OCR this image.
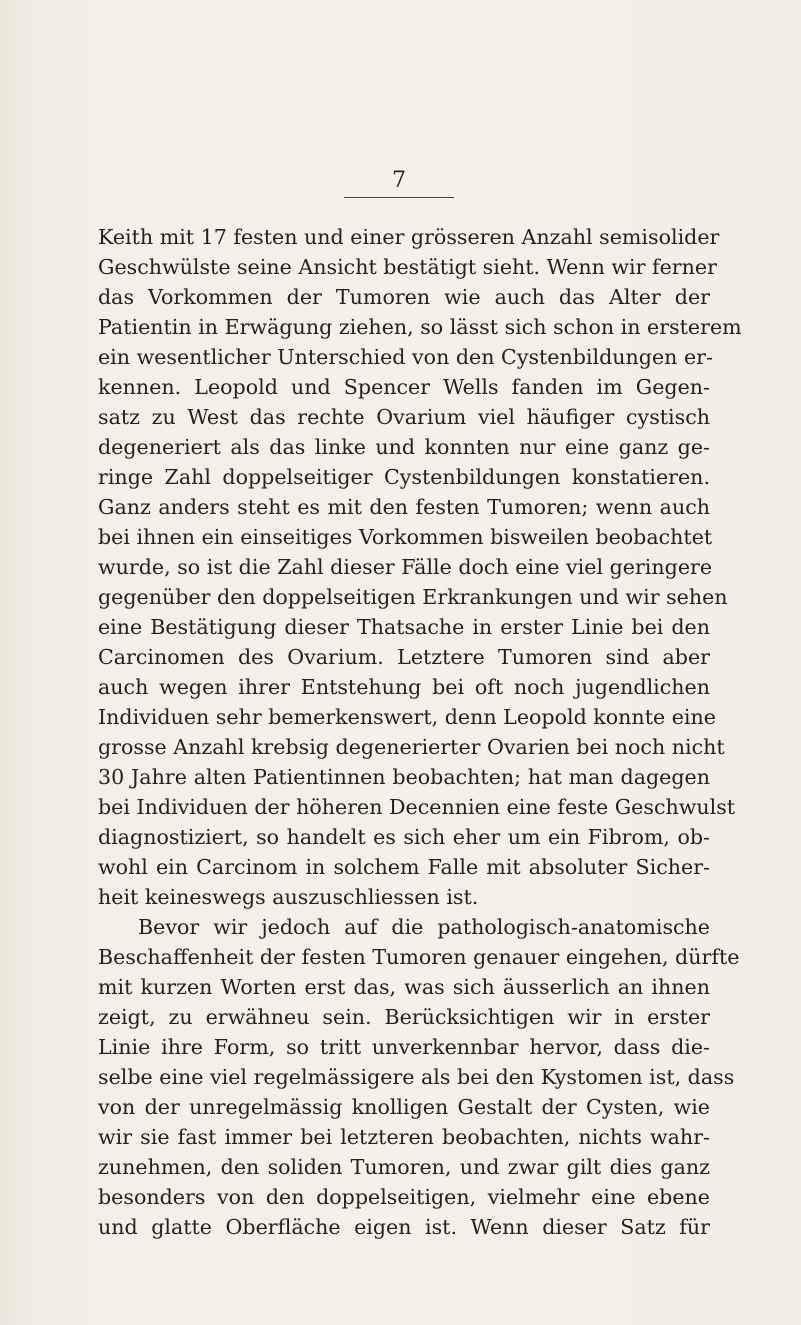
7
Keith mit 17 festen und einer grösseren Anzahl semisolider
Geschwülste seine Ansicht bestätigt sieht. Wenn wir ferner
das Vorkommen der Tumoren wie auch das Alter der
Patientin in Erwägung ziehen, so lässt sich schon in ersterem
ein wesentlicher Unterschied von den Cystenbildungen er-
kennen. Leopold und Spencer Wells fanden im Gegen-
satz zu West das rechte Ovarium viel häufiger cystisch
degeneriert als das linke und konnten nur eine ganz ge-
ringe Zahl doppelseitiger Cystenbildungen konstatieren.
Ganz anders steht es mit den festen Tumoren; wenn auch
bei ihnen ein einseitiges Vorkommen bisweilen beobachtet
wurde, so ist die Zahl dieser Fälle doch eine viel geringere
gegenüber den doppelseitigen Erkrankungen und wir sehen
eine Bestätigung dieser Thatsache in erster Linie bei den
Carcinomen des Ovarium. Letztere Tumoren sind aber
auch wegen ihrer Entstehung bei oft noch jugendlichen
Individuen sehr bemerkenswert, denn Leopold konnte eine
grosse Anzahl krebsig degenerierter Ovarien bei noch nicht
30 Jahre alten Patientinnen beobachten; hat man dagegen
bei Individuen der höheren Decennien eine feste Geschwulst
diagnostiziert, so handelt es sich eher um ein Fibrom, ob-
wohl ein Carcinom in solchem Falle mit absoluter Sicher-
heit keineswegs auszuschliessen ist.
Bevor wir jedoch auf die pathologisch-anatomische
Beschaffenheit der festen Tumoren genauer eingehen, dürfte
mit kurzen Worten erst das, was sich äusserlich an ihnen
zeigt, zu erwähneu sein. Berücksichtigen wir in erster
Linie ihre Form, so tritt unverkennbar hervor, dass die-
selbe eine viel regelmässigere als bei den Kystomen ist, dass
von der unregelmässig knolligen Gestalt der Cysten, wie
wir sie fast immer bei letzteren beobachten, nichts wahr-
zunehmen, den soliden Tumoren, und zwar gilt dies ganz
besonders von den doppelseitigen, vielmehr eine ebene
und glatte Oberfläche eigen ist. Wenn dieser Satz für
